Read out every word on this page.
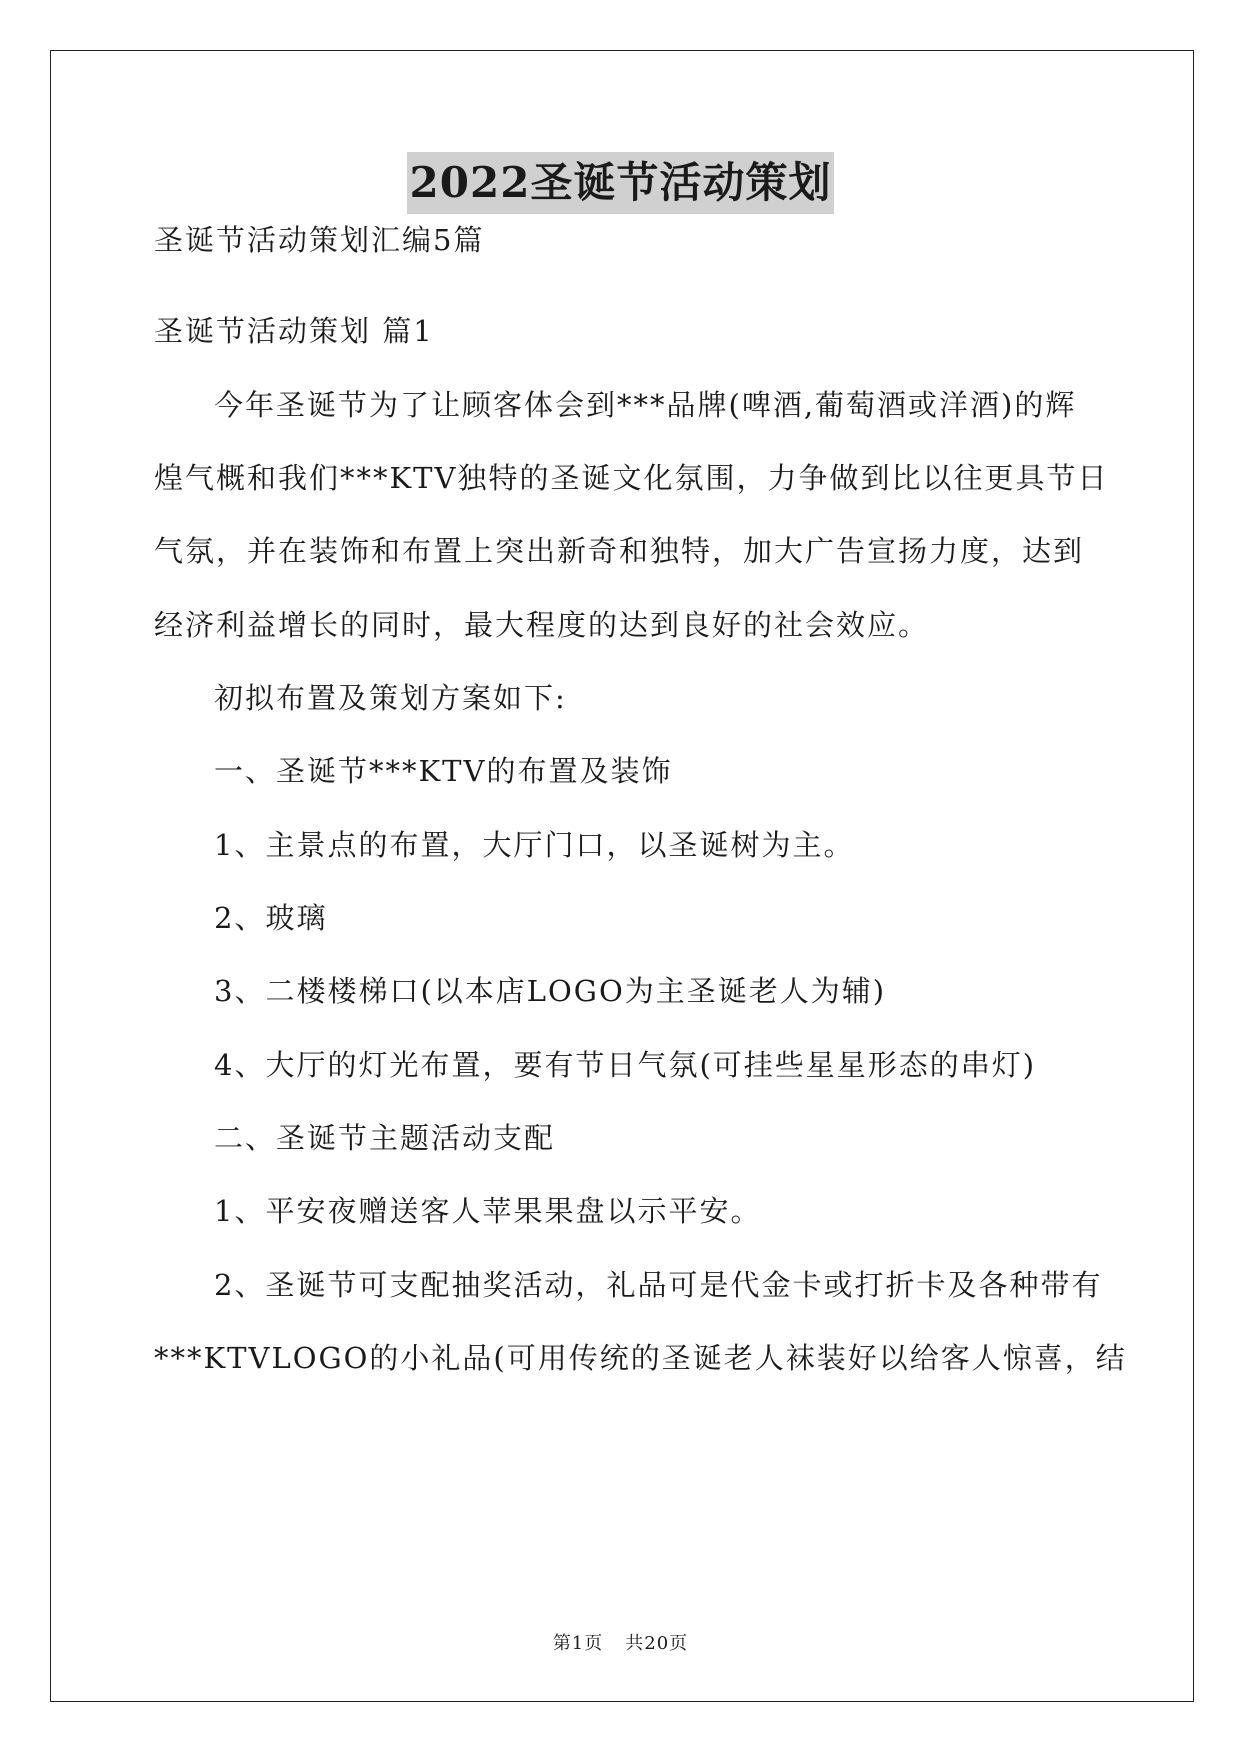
2022圣诞节活动策划
圣诞节活动策划汇编5篇
圣诞节活动策划 篇1
今年圣诞节为了让顾客体会到***品牌(啤酒,葡萄酒或洋酒)的辉
煌气概和我们***KTV独特的圣诞文化氛围，力争做到比以往更具节日
气氛，并在装饰和布置上突出新奇和独特，加大广告宣扬力度，达到
经济利益增长的同时，最大程度的达到良好的社会效应。
初拟布置及策划方案如下:
一、圣诞节***KTV的布置及装饰
1、主景点的布置，大厅门口，以圣诞树为主。
2、玻璃
3、二楼楼梯口(以本店LOGO为主圣诞老人为辅)
4、大厅的灯光布置，要有节日气氛(可挂些星星形态的串灯)
二、圣诞节主题活动支配
1、平安夜赠送客人苹果果盘以示平安。
2、圣诞节可支配抽奖活动，礼品可是代金卡或打折卡及各种带有
***KTVLOGO的小礼品(可用传统的圣诞老人袜装好以给客人惊喜，结
第1页 共20页
